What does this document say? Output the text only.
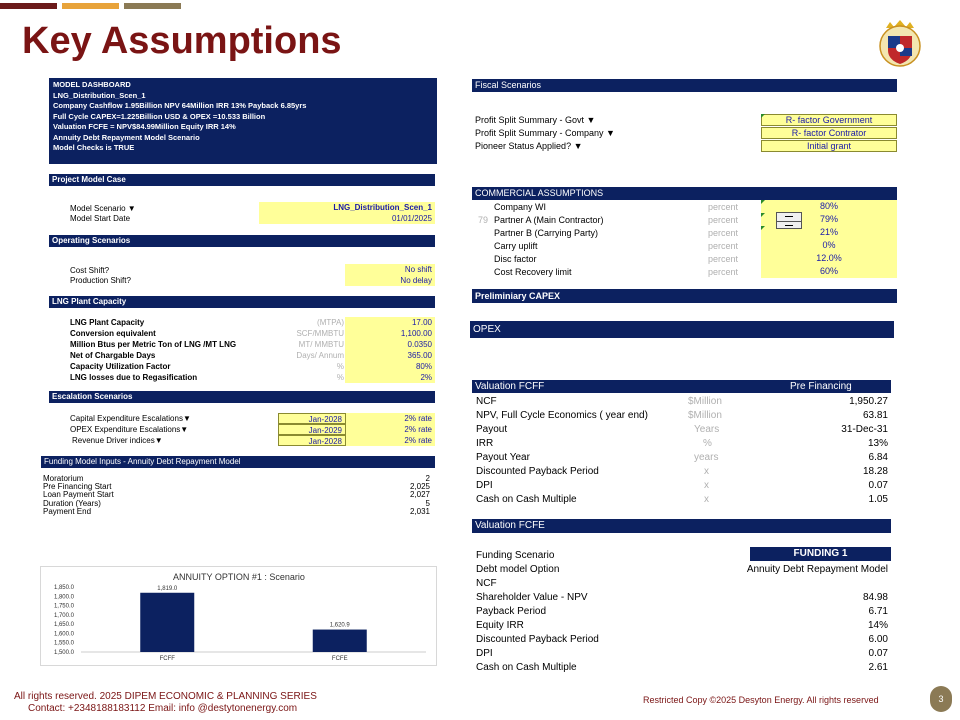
Key Assumptions
MODEL DASHBOARD
LNG_Distribution_Scen_1
Company Cashflow 1.95Billion NPV 64Million IRR 13% Payback 6.85yrs
Full Cycle CAPEX=1.225Billion USD & OPEX =10.533 Billion
Valuation FCFE = NPV$84.99Million Equity IRR 14%
Annuity Debt Repayment Model Scenario
Model Checks is TRUE
Project Model Case
Model Scenario ▼	LNG_Distribution_Scen_1
Model Start Date	01/01/2025
Operating Scenarios
Cost Shift?	No shift
Production Shift?	No delay
LNG Plant Capacity
LNG Plant Capacity	(MTPA)	17.00
Conversion equivalent	SCF/MMBTU	1,100.00
Million Btus per Metric Ton of LNG /MT LNG	MT/ MMBTU	0.0350
Net of Chargable Days	Days/ Annum	365.00
Capacity Utilization Factor	%	80%
LNG losses due to Regasification	%	2%
Escalation Scenarios
Capital Expenditure Escalations▼	Jan-2028	2% rate
OPEX Expenditure Escalations▼	Jan-2029	2% rate
Revenue Driver indices▼	Jan-2028	2% rate
Funding Model Inputs - Annuity Debt Repayment Model
Moratorium	2
Pre Financing Start	2,025
Loan Payment Start	2,027
Duration (Years)	5
Payment End	2,031
ANNUITY OPTION #1 : Scenario
1,850.0
1,800.0
1,750.0
1,700.0
1,650.0
1,600.0
1,550.0
1,500.0
1,819.0
FCFF
1,620.9
FCFE
Fiscal Scenarios
Profit Split Summary - Govt ▼	R- factor Government
Profit Split Summary - Company ▼	R- factor Contrator
Pioneer Status Applied? ▼	Initial grant
COMMERCIAL ASSUMPTIONS
Company WI	percent	80%
79 Partner A (Main Contractor)	percent	79%
Partner B (Carrying Party)	percent	21%
Carry uplift	percent	0%
Disc factor	percent	12.0%
Cost Recovery limit	percent	60%
Preliminiary CAPEX
OPEX
Valuation FCFF	Pre Financing
NCF	$Million	1,950.27
NPV, Full Cycle Economics ( year end)	$Million	63.81
Payout	Years	31-Dec-31
IRR	%	13%
Payout Year	years	6.84
Discounted Payback Period	x	18.28
DPI	x	0.07
Cash on Cash Multiple	x	1.05
Valuation FCFE
Funding Scenario	FUNDING 1
Debt model Option	Annuity Debt Repayment Model
NCF
Shareholder Value - NPV	84.98
Payback Period	6.71
Equity IRR	14%
Discounted Payback Period	6.00
DPI	0.07
Cash on Cash Multiple	2.61
All rights reserved. 2025 DIPEM ECONOMIC & PLANNING SERIES
Contact: +2348188183112 Email: info @destytonenergy.com
Restricted Copy ©2025 Desyton Energy. All rights reserved	3
